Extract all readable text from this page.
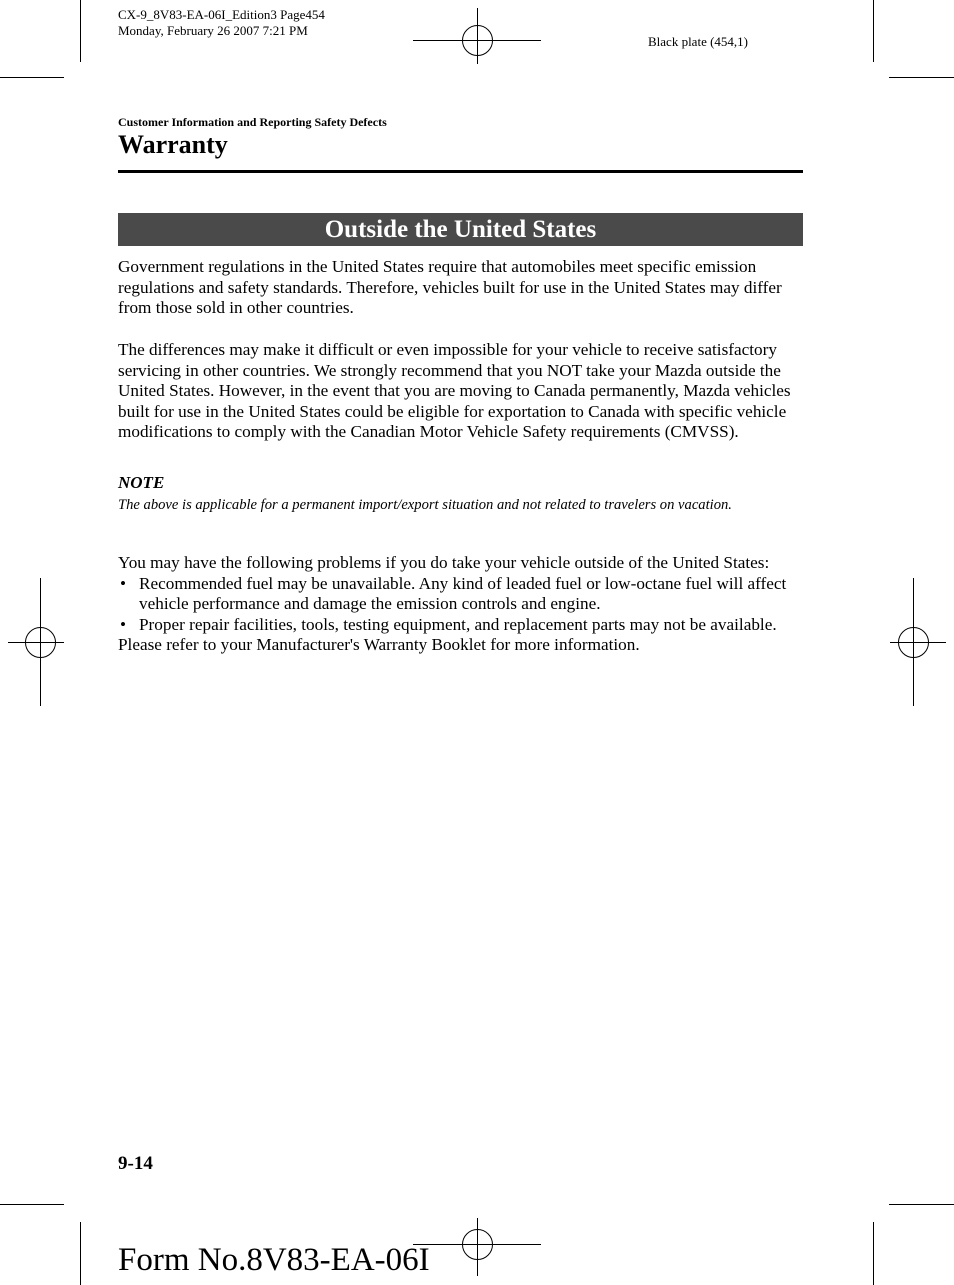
CX-9_8V83-EA-06I_Edition3 Page454
Monday, February 26 2007 7:21 PM
Black plate (454,1)
Customer Information and Reporting Safety Defects
Warranty
Outside the United States
Government regulations in the United States require that automobiles meet specific emission regulations and safety standards. Therefore, vehicles built for use in the United States may differ from those sold in other countries.
The differences may make it difficult or even impossible for your vehicle to receive satisfactory servicing in other countries. We strongly recommend that you NOT take your Mazda outside the United States. However, in the event that you are moving to Canada permanently, Mazda vehicles built for use in the United States could be eligible for exportation to Canada with specific vehicle modifications to comply with the Canadian Motor Vehicle Safety requirements (CMVSS).
NOTE
The above is applicable for a permanent import/export situation and not related to travelers on vacation.
You may have the following problems if you do take your vehicle outside of the United States:
• Recommended fuel may be unavailable. Any kind of leaded fuel or low-octane fuel will affect vehicle performance and damage the emission controls and engine.
• Proper repair facilities, tools, testing equipment, and replacement parts may not be available.
Please refer to your Manufacturer's Warranty Booklet for more information.
9-14
Form No.8V83-EA-06I
